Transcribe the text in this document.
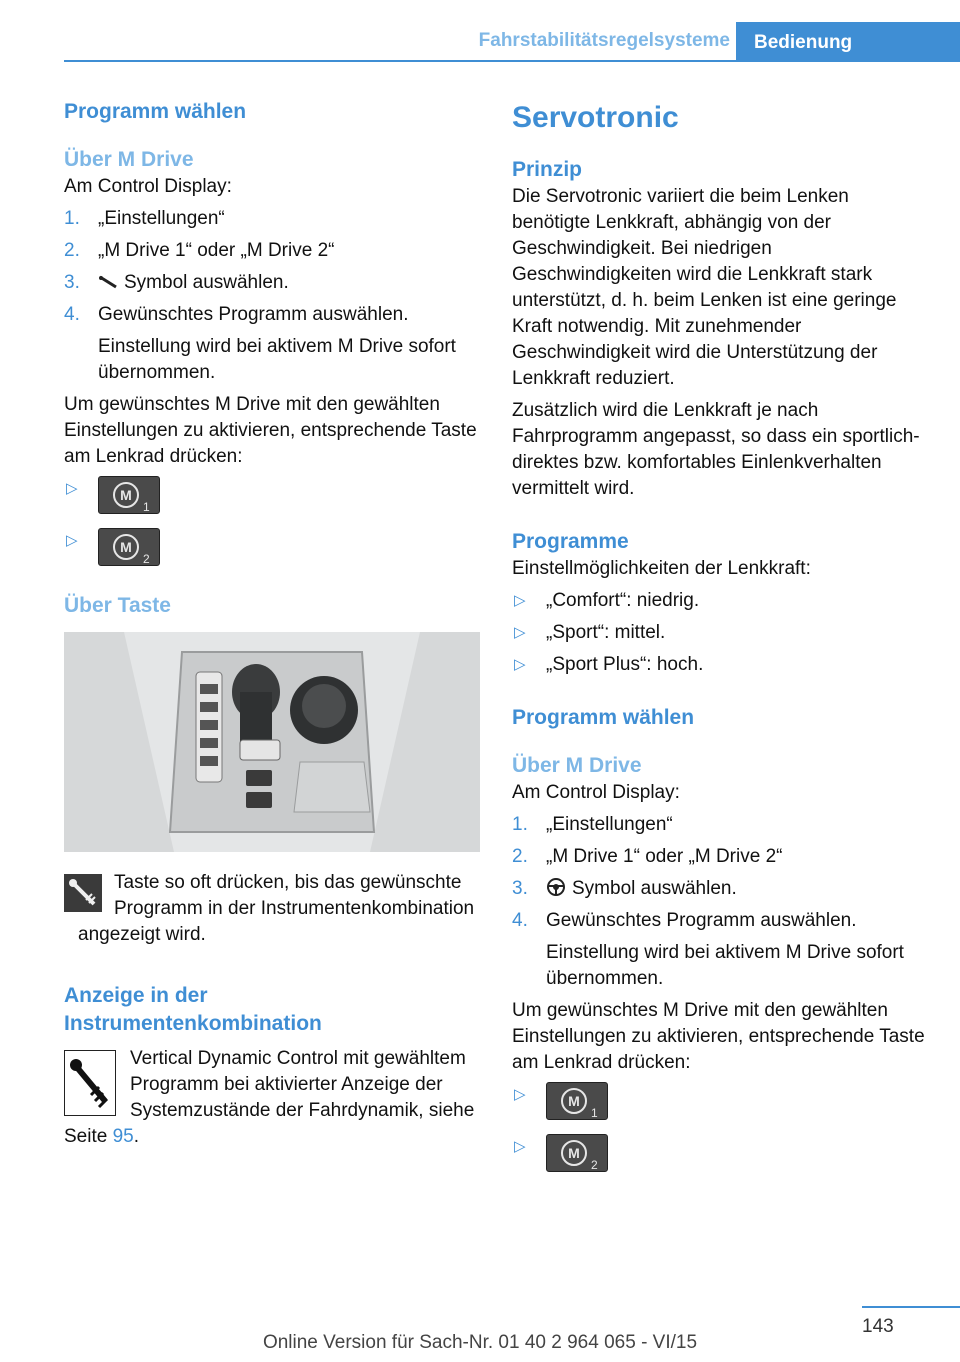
Fahrstabilitätsregelsysteme	Bedienung
Programm wählen
Über M Drive

Am Control Display:

1. „Einstellungen“
2. „M Drive 1“ oder „M Drive 2“
3. Symbol auswählen.
4. Gewünschtes Programm auswählen.
Einstellung wird bei aktivem M Drive sofort übernommen.

Um gewünschtes M Drive mit den gewählten Einstellungen zu aktivieren, entsprechende Taste am Lenkrad drücken:

▷	M
1
▷	M
2
Über Taste

Taste so oft drücken, bis das gewünschte Programm in der Instrumentenkombination angezeigt wird.

Anzeige in der Instrumentenkombination

Vertical Dynamic Control mit gewähltem Programm bei aktivierter Anzeige der Systemzustände der Fahrdynamik, siehe Seite 95.

Servotronic
Prinzip

Die Servotronic variiert die beim Lenken benötigte Lenkkraft, abhängig von der Geschwindigkeit. Bei niedrigen Geschwindigkeiten wird die Lenkkraft stark unterstützt, d. h. beim Lenken ist eine geringe Kraft notwendig. Mit zunehmender Geschwindigkeit wird die Unterstützung der Lenkkraft reduziert.

Zusätzlich wird die Lenkkraft je nach Fahrprogramm angepasst, so dass ein sportlich-direktes bzw. komfortables Einlenkverhalten vermittelt wird.

Programme

Einstellmöglichkeiten der Lenkkraft:

▷ „Comfort“: niedrig.
▷ „Sport“: mittel.
▷ „Sport Plus“: hoch.
Programm wählen
Über M Drive

Am Control Display:

1. „Einstellungen“
2. „M Drive 1“ oder „M Drive 2“
3. Symbol auswählen.
4. Gewünschtes Programm auswählen.
Einstellung wird bei aktivem M Drive sofort übernommen.

Um gewünschtes M Drive mit den gewählten Einstellungen zu aktivieren, entsprechende Taste am Lenkrad drücken:

▷	M
1
▷	M
2
143
Online Version für Sach-Nr. 01 40 2 964 065 - VI/15
